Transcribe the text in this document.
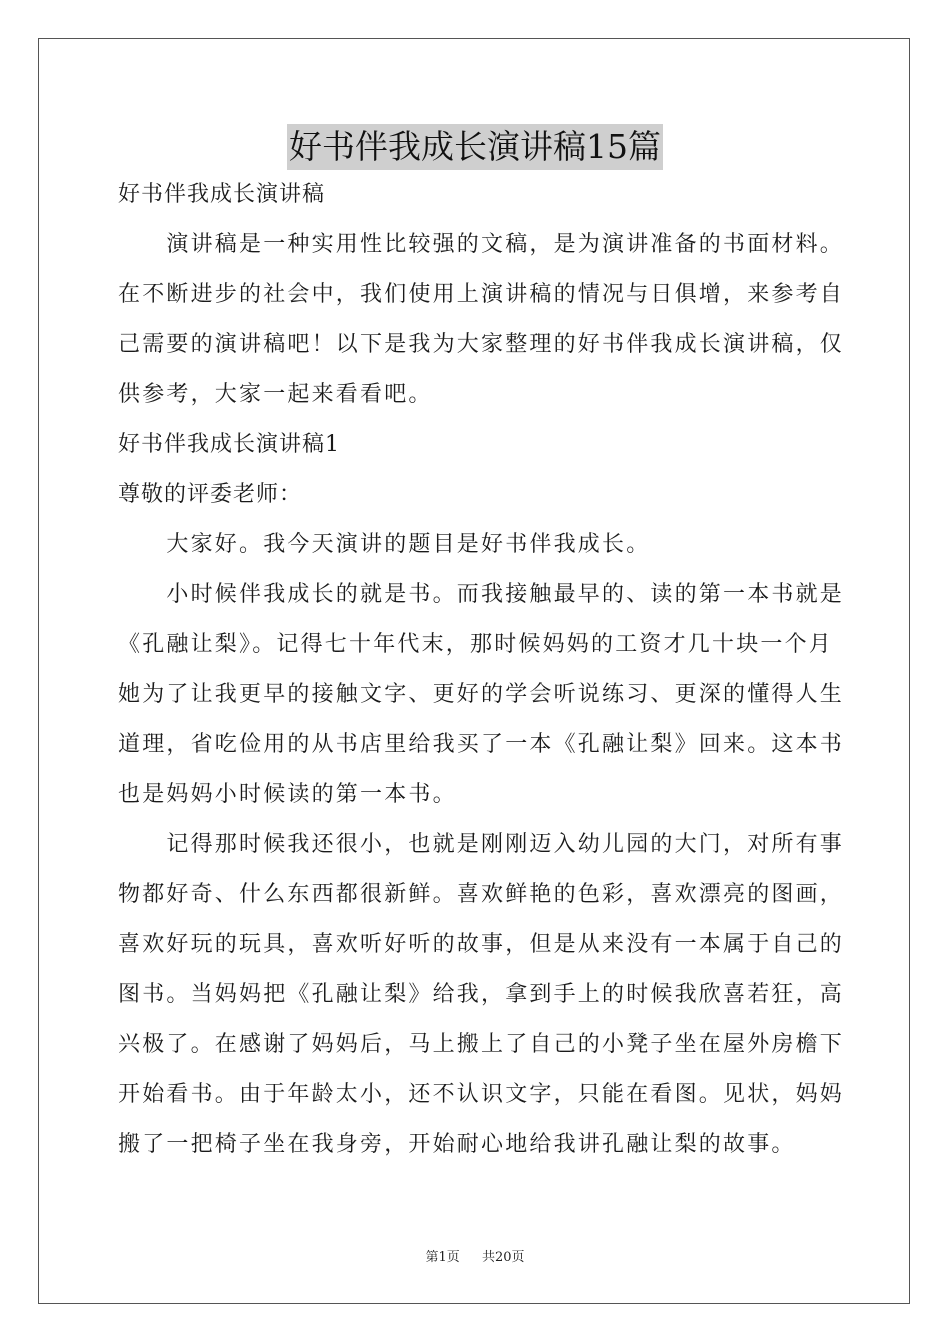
好书伴我成长演讲稿15篇
好书伴我成长演讲稿
　　演讲稿是一种实用性比较强的文稿，是为演讲准备的书面材料。
在不断进步的社会中，我们使用上演讲稿的情况与日俱增，来参考自
己需要的演讲稿吧！以下是我为大家整理的好书伴我成长演讲稿，仅
供参考，大家一起来看看吧。
好书伴我成长演讲稿1
尊敬的评委老师：
　　大家好。我今天演讲的题目是好书伴我成长。
　　小时候伴我成长的就是书。而我接触最早的、读的第一本书就是
《孔融让梨》。记得七十年代末，那时候妈妈的工资才几十块一个月
她为了让我更早的接触文字、更好的学会听说练习、更深的懂得人生
道理，省吃俭用的从书店里给我买了一本《孔融让梨》回来。这本书
也是妈妈小时候读的第一本书。
　　记得那时候我还很小，也就是刚刚迈入幼儿园的大门，对所有事
物都好奇、什么东西都很新鲜。喜欢鲜艳的色彩，喜欢漂亮的图画，
喜欢好玩的玩具，喜欢听好听的故事，但是从来没有一本属于自己的
图书。当妈妈把《孔融让梨》给我，拿到手上的时候我欣喜若狂，高
兴极了。在感谢了妈妈后，马上搬上了自己的小凳子坐在屋外房檐下
开始看书。由于年龄太小，还不认识文字，只能在看图。见状，妈妈
搬了一把椅子坐在我身旁，开始耐心地给我讲孔融让梨的故事。
第1页 共20页
